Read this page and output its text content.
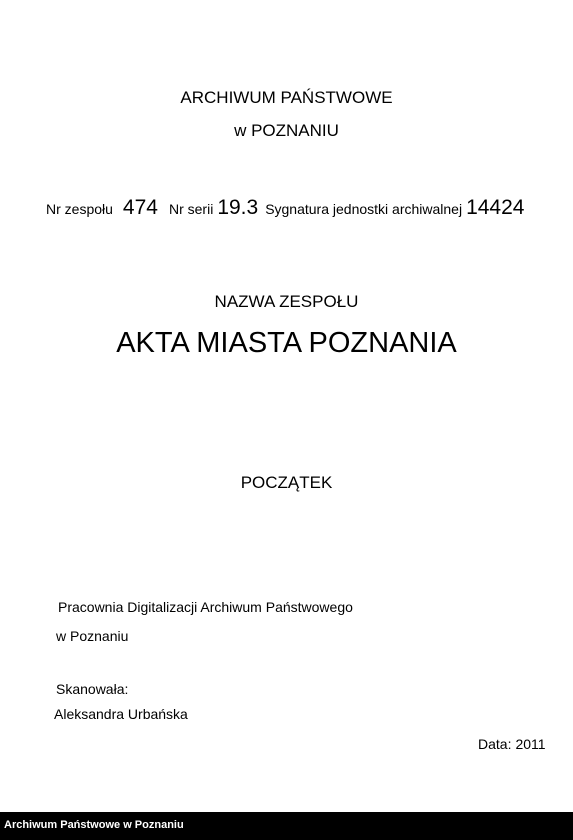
ARCHIWUM PAŃSTWOWE
w POZNANIU
Nr zespołu 474 Nr serii 19.3 Sygnatura jednostki archiwalnej 14424
NAZWA ZESPOŁU
AKTA MIASTA POZNANIA
POCZĄTEK
Pracownia Digitalizacji Archiwum Państwowego
w Poznaniu
Skanowała:
Aleksandra Urbańska
Data: 2011
Archiwum Państwowe w Poznaniu
